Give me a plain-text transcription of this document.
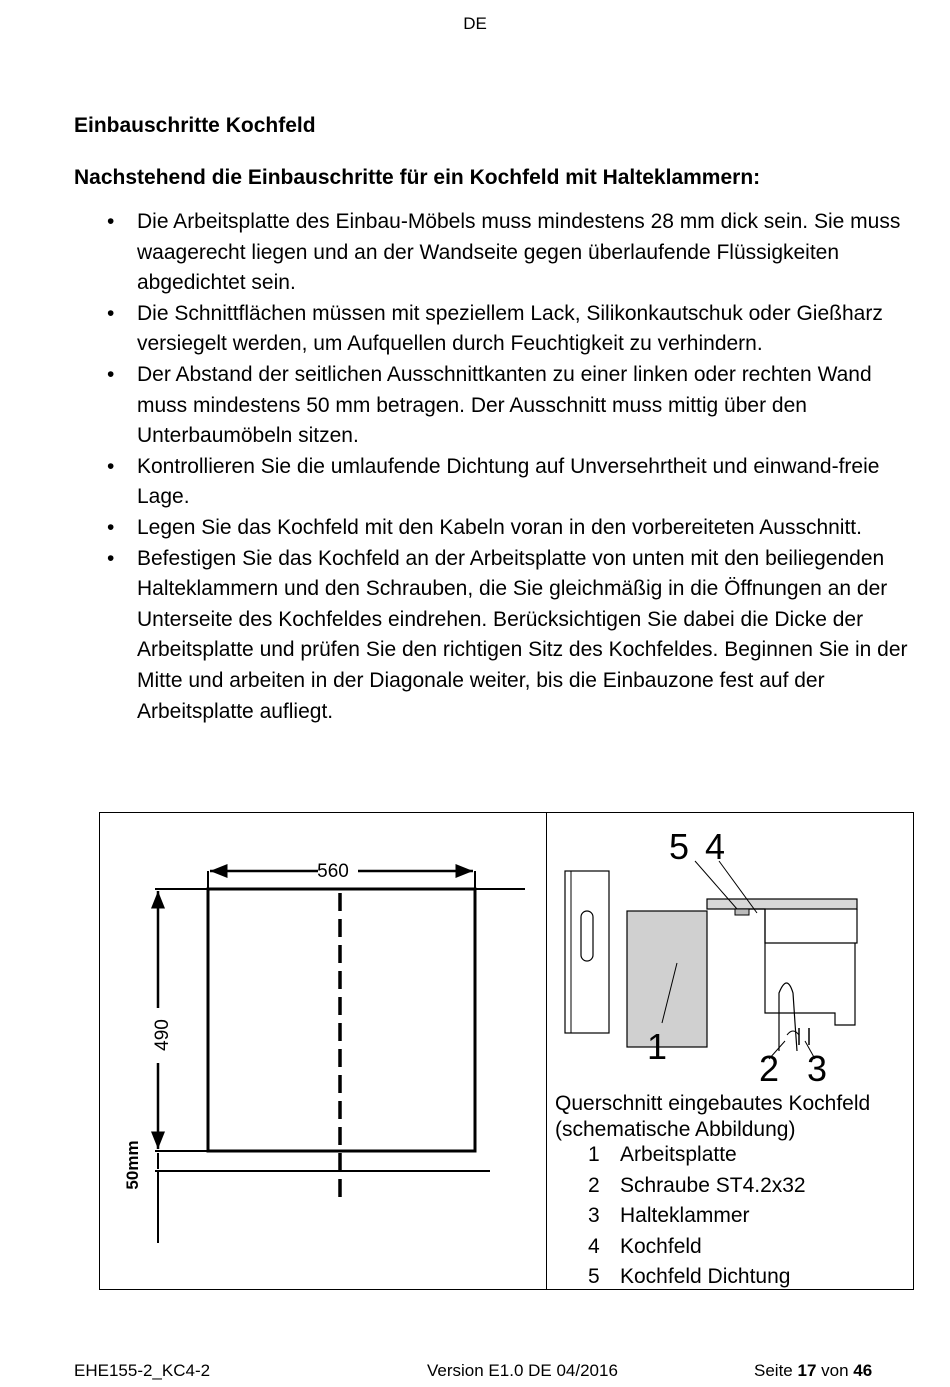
DE
Einbauschritte Kochfeld
Nachstehend die Einbauschritte für ein Kochfeld mit Halteklammern:
• Die Arbeitsplatte des Einbau-Möbels muss mindestens 28 mm dick sein. Sie muss waagerecht liegen und an der Wandseite gegen überlaufende Flüssigkeiten abgedichtet sein.
• Die Schnittflächen müssen mit speziellem Lack, Silikonkautschuk oder Gießharz versiegelt werden, um Aufquellen durch Feuchtigkeit zu verhindern.
• Der Abstand der seitlichen Ausschnittkanten zu einer linken oder rechten Wand muss mindestens 50 mm betragen. Der Ausschnitt muss mittig über den Unterbaumöbeln sitzen.
• Kontrollieren Sie die umlaufende Dichtung auf Unversehrtheit und einwand-freie Lage.
• Legen Sie das Kochfeld mit den Kabeln voran in den vorbereiteten Ausschnitt.
• Befestigen Sie das Kochfeld an der Arbeitsplatte von unten mit den beiliegenden Halteklammern und den Schrauben, die Sie gleichmäßig in die Öffnungen an der Unterseite des Kochfeldes eindrehen. Berücksichtigen Sie dabei die Dicke der Arbeitsplatte und prüfen Sie den richtigen Sitz des Kochfeldes. Beginnen Sie in der Mitte und arbeiten in der Diagonale weiter, bis die Einbauzone fest auf der Arbeitsplatte aufliegt.
560
490
50mm
5 4
1
2 3
Querschnitt eingebautes Kochfeld
(schematische Abbildung)
1 Arbeitsplatte
2 Schraube ST4.2x32
3 Halteklammer
4 Kochfeld
5 Kochfeld Dichtung
EHE155-2_KC4-2	Version E1.0 DE 04/2016	Seite 17 von 46
